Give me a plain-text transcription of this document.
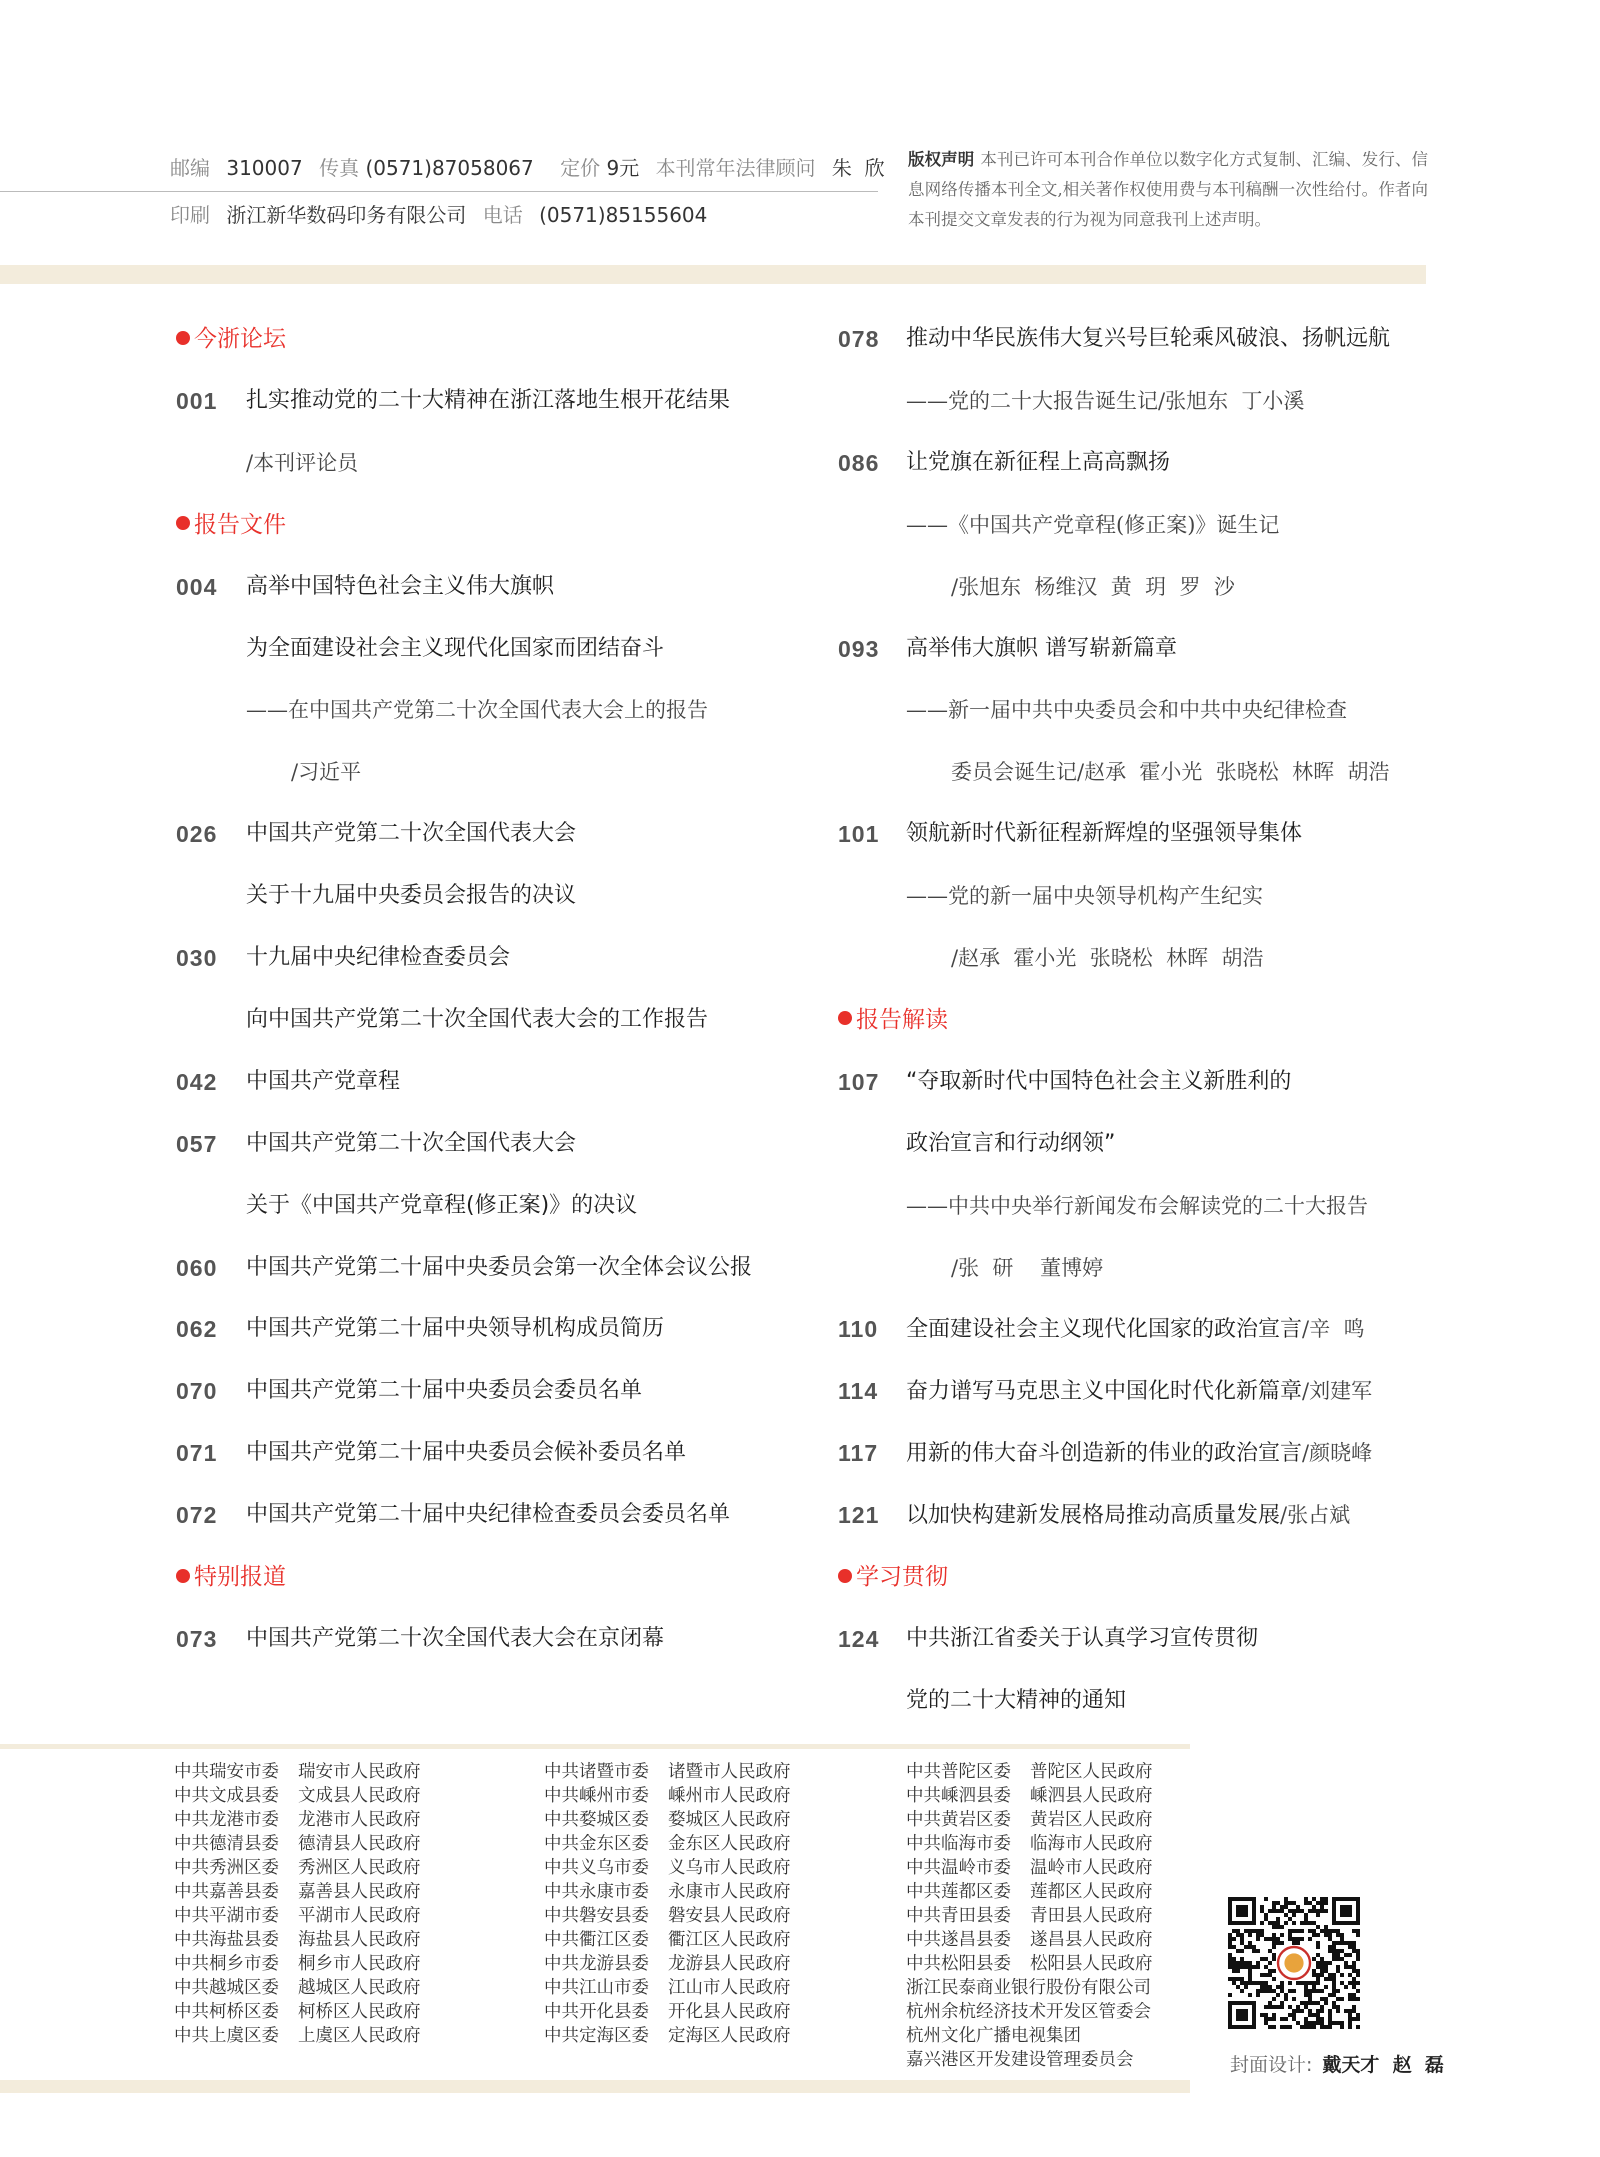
邮编 310007 传真 (0571)87058067 定价 9元 本刊常年法律顾问 朱  欣
印刷 浙江新华数码印务有限公司 电话 (0571)85155604
版权声明 本刊已许可本刊合作单位以数字化方式复制、汇编、发行、信息网络传播本刊全文,相关著作权使用费与本刊稿酬一次性给付。作者向本刊提交文章发表的行为视为同意我刊上述声明。
今浙论坛
001 扎实推动党的二十大精神在浙江落地生根开花结果
/本刊评论员
报告文件
004 高举中国特色社会主义伟大旗帜
为全面建设社会主义现代化国家而团结奋斗
——在中国共产党第二十次全国代表大会上的报告
/习近平
026 中国共产党第二十次全国代表大会
关于十九届中央委员会报告的决议
030 十九届中央纪律检查委员会
向中国共产党第二十次全国代表大会的工作报告
042 中国共产党章程
057 中国共产党第二十次全国代表大会
关于《中国共产党章程(修正案)》的决议
060 中国共产党第二十届中央委员会第一次全体会议公报
062 中国共产党第二十届中央领导机构成员简历
070 中国共产党第二十届中央委员会委员名单
071 中国共产党第二十届中央委员会候补委员名单
072 中国共产党第二十届中央纪律检查委员会委员名单
特别报道
073 中国共产党第二十次全国代表大会在京闭幕
078 推动中华民族伟大复兴号巨轮乘风破浪、扬帆远航
——党的二十大报告诞生记/张旭东  丁小溪
086 让党旗在新征程上高高飘扬
——《中国共产党章程(修正案)》诞生记
/张旭东  杨维汉  黄  玥  罗  沙
093 高举伟大旗帜 谱写崭新篇章
——新一届中共中央委员会和中共中央纪律检查
委员会诞生记/赵承  霍小光  张晓松  林晖  胡浩
101 领航新时代新征程新辉煌的坚强领导集体
——党的新一届中央领导机构产生纪实
/赵承  霍小光  张晓松  林晖  胡浩
报告解读
107 “夺取新时代中国特色社会主义新胜利的
政治宣言和行动纲领”
——中共中央举行新闻发布会解读党的二十大报告
/张  研    董博婷
110 全面建设社会主义现代化国家的政治宣言/辛  鸣
114 奋力谱写马克思主义中国化时代化新篇章/刘建军
117 用新的伟大奋斗创造新的伟业的政治宣言/颜晓峰
121 以加快构建新发展格局推动高质量发展/张占斌
学习贯彻
124 中共浙江省委关于认真学习宣传贯彻
党的二十大精神的通知
中共瑞安市委 瑞安市人民政府
中共文成县委 文成县人民政府
中共龙港市委 龙港市人民政府
中共德清县委 德清县人民政府
中共秀洲区委 秀洲区人民政府
中共嘉善县委 嘉善县人民政府
中共平湖市委 平湖市人民政府
中共海盐县委 海盐县人民政府
中共桐乡市委 桐乡市人民政府
中共越城区委 越城区人民政府
中共柯桥区委 柯桥区人民政府
中共上虞区委 上虞区人民政府
中共诸暨市委 诸暨市人民政府
中共嵊州市委 嵊州市人民政府
中共婺城区委 婺城区人民政府
中共金东区委 金东区人民政府
中共义乌市委 义乌市人民政府
中共永康市委 永康市人民政府
中共磐安县委 磐安县人民政府
中共衢江区委 衢江区人民政府
中共龙游县委 龙游县人民政府
中共江山市委 江山市人民政府
中共开化县委 开化县人民政府
中共定海区委 定海区人民政府
中共普陀区委 普陀区人民政府
中共嵊泗县委 嵊泗县人民政府
中共黄岩区委 黄岩区人民政府
中共临海市委 临海市人民政府
中共温岭市委 温岭市人民政府
中共莲都区委 莲都区人民政府
中共青田县委 青田县人民政府
中共遂昌县委 遂昌县人民政府
中共松阳县委 松阳县人民政府
浙江民泰商业银行股份有限公司
杭州余杭经济技术开发区管委会
杭州文化广播电视集团
嘉兴港区开发建设管理委员会	封面设计: 戴天才  赵  磊
